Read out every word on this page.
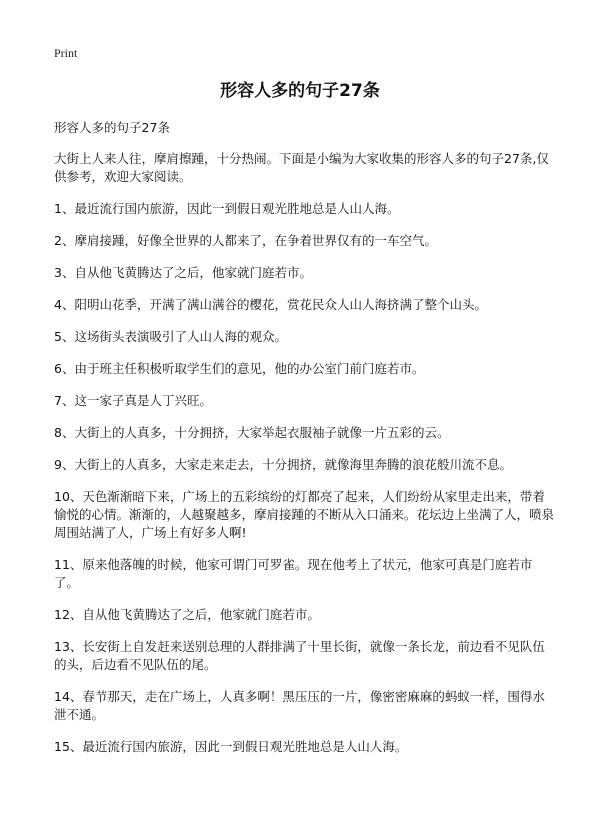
Print
形容人多的句子27条

形容人多的句子27条

大街上人来人往，摩肩擦踵，十分热闹。下面是小编为大家收集的形容人多的句子27条,仅供参考，欢迎大家阅读。

1、最近流行国内旅游，因此一到假日观光胜地总是人山人海。

2、摩肩接踵，好像全世界的人都来了，在争着世界仅有的一车空气。

3、自从他飞黄腾达了之后，他家就门庭若市。

4、阳明山花季，开满了满山满谷的樱花，赏花民众人山人海挤满了整个山头。

5、这场街头表演吸引了人山人海的观众。

6、由于班主任积极听取学生们的意见，他的办公室门前门庭若市。

7、这一家子真是人丁兴旺。

8、大街上的人真多，十分拥挤，大家举起衣服袖子就像一片五彩的云。

9、大街上的人真多，大家走来走去，十分拥挤，就像海里奔腾的浪花般川流不息。

10、天色渐渐暗下来，广场上的五彩缤纷的灯都亮了起来，人们纷纷从家里走出来，带着愉悦的心情。渐渐的，人越聚越多，摩肩接踵的不断从入口涌来。花坛边上坐满了人，喷泉周围站满了人，广场上有好多人啊!

11、原来他落魄的时候，他家可谓门可罗雀。现在他考上了状元，他家可真是门庭若市了。

12、自从他飞黄腾达了之后，他家就门庭若市。

13、长安街上自发赶来送别总理的人群排满了十里长街，就像一条长龙，前边看不见队伍的头，后边看不见队伍的尾。

14、春节那天，走在广场上，人真多啊！黑压压的一片，像密密麻麻的蚂蚁一样，围得水泄不通。

15、最近流行国内旅游，因此一到假日观光胜地总是人山人海。
